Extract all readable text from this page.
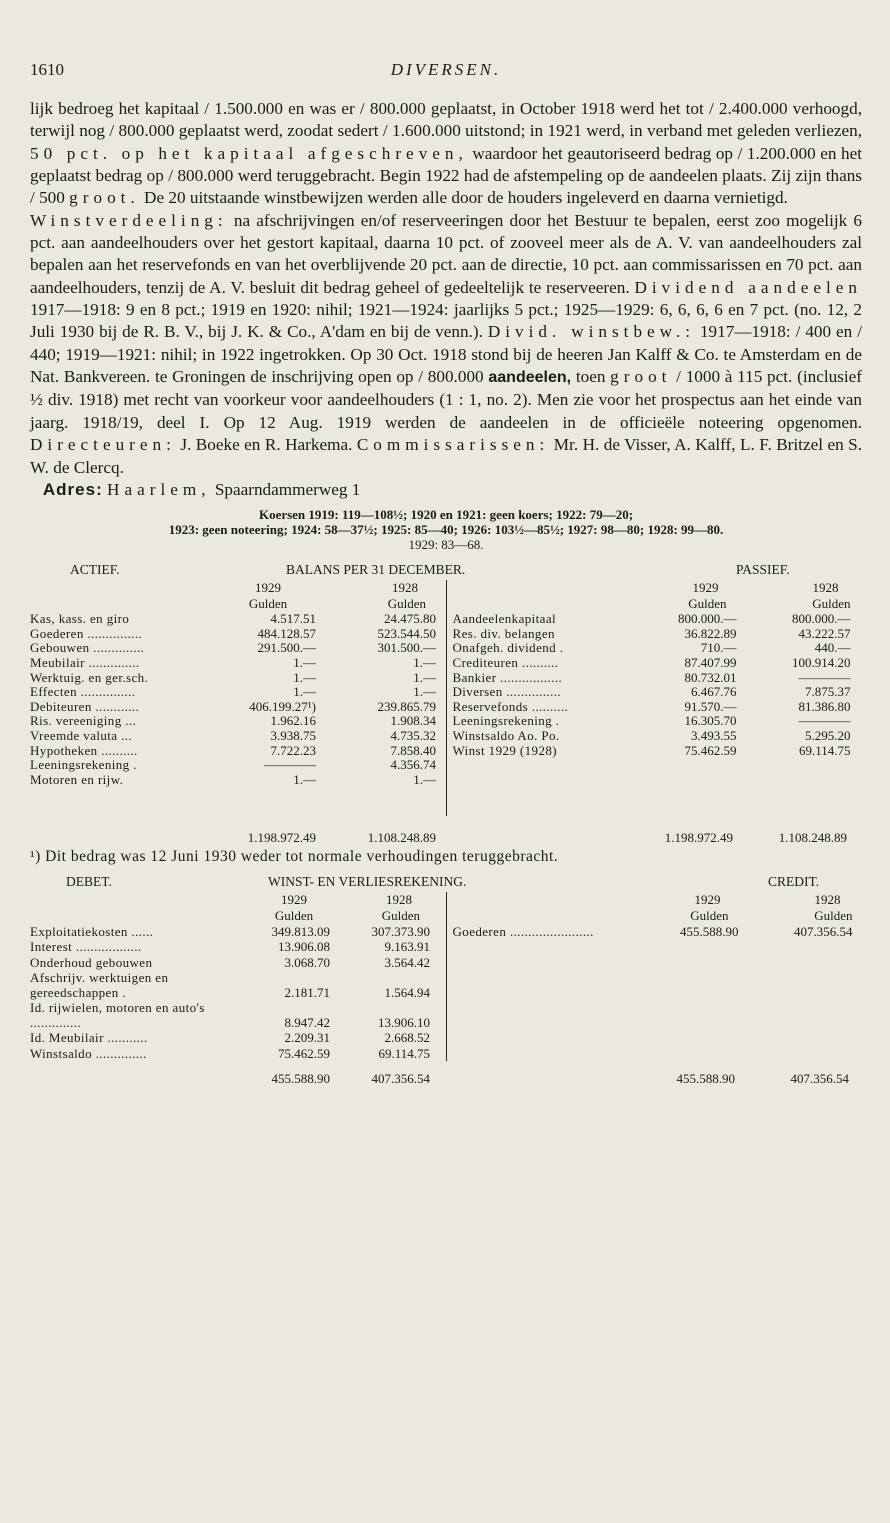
1610	DIVERSEN.

lijk bedroeg het kapitaal / 1.500.000 en was er / 800.000 geplaatst, in October 1918 werd het tot / 2.400.000 verhoogd, terwijl nog / 800.000 geplaatst werd, zoodat sedert / 1.600.000 uitstond; in 1921 werd, in verband met geleden verliezen, 50 pct. op het kapitaal afgeschreven, waardoor het geautoriseerd bedrag op / 1.200.000 en het geplaatst bedrag op / 800.000 werd teruggebracht. Begin 1922 had de afstempeling op de aandeelen plaats. Zij zijn thans / 500 groot. De 20 uitstaande winstbewijzen werden alle door de houders ingeleverd en daarna vernietigd.

Winstverdeeling: na afschrijvingen en/of reserveeringen door het Bestuur te bepalen, eerst zoo mogelijk 6 pct. aan aandeelhouders over het gestort kapitaal, daarna 10 pct. of zooveel meer als de A. V. van aandeelhouders zal bepalen aan het reservefonds en van het overblijvende 20 pct. aan de directie, 10 pct. aan commissarissen en 70 pct. aan aandeelhouders, tenzij de A. V. besluit dit bedrag geheel of gedeeltelijk te reserveeren. Dividend aandeelen 1917—1918: 9 en 8 pct.; 1919 en 1920: nihil; 1921—1924: jaarlijks 5 pct.; 1925—1929: 6, 6, 6, 6 en 7 pct. (no. 12, 2 Juli 1930 bij de R. B. V., bij J. K. & Co., A'dam en bij de venn.). Divid. winstbew.: 1917—1918: / 400 en / 440; 1919—1921: nihil; in 1922 ingetrokken. Op 30 Oct. 1918 stond bij de heeren Jan Kalff & Co. te Amsterdam en de Nat. Bankvereen. te Groningen de inschrijving open op / 800.000 aandeelen, toen groot / 1000 à 115 pct. (inclusief ½ div. 1918) met recht van voorkeur voor aandeelhouders (1 : 1, no. 2). Men zie voor het prospectus aan het einde van jaarg. 1918/19, deel I. Op 12 Aug. 1919 werden de aandeelen in de officieële noteering opgenomen. Directeuren: J. Boeke en R. Harkema. Commissarissen: Mr. H. de Visser, A. Kalff, L. F. Britzel en S. W. de Clercq.

Adres: Haarlem, Spaarndammerweg 1

Koersen 1919: 119—108½; 1920 en 1921: geen koers; 1922: 79—20;
1923: geen noteering; 1924: 58—37½; 1925: 85—40; 1926: 103½—85½; 1927: 98—80; 1928: 99—80.
1929: 83—68.
ACTIEF.	BALANS PER 31 DECEMBER.	PASSIEF.
1929	1928
Gulden	Gulden
Kas, kass. en giro	4.517.51	24.475.80
Goederen ...............	484.128.57	523.544.50
Gebouwen ..............	291.500.—	301.500.—
Meubilair ..............	1.—	1.—
Werktuig. en ger.sch.	1.—	1.—
Effecten ...............	1.—	1.—
Debiteuren ............	406.199.27¹)	239.865.79
Ris. vereeniging ...	1.962.16	1.908.34
Vreemde valuta ...	3.938.75	4.735.32
Hypotheken ..........	7.722.23	7.858.40
Leeningsrekening .	————	4.356.74
Motoren en rijw.	1.—	1.—
1929	1928
Gulden	Gulden
Aandeelenkapitaal	800.000.—	800.000.—
Res. div. belangen	36.822.89	43.222.57
Onafgeh. dividend .	710.—	440.—
Crediteuren ..........	87.407.99	100.914.20
Bankier .................	80.732.01	————
Diversen ...............	6.467.76	7.875.37
Reservefonds ..........	91.570.—	81.386.80
Leeningsrekening .	16.305.70	————
Winstsaldo Ao. Po.	3.493.55	5.295.20
Winst 1929 (1928)	75.462.59	69.114.75
1.198.972.49	1.108.248.89	1.198.972.49	1.108.248.89
¹) Dit bedrag was 12 Juni 1930 weder tot normale verhoudingen teruggebracht.
DEBET.	WINST- EN VERLIESREKENING.	CREDIT.
1929	1928
Gulden	Gulden
Exploitatiekosten ......	349.813.09	307.373.90
Interest ..................	13.906.08	9.163.91
Onderhoud gebouwen	3.068.70	3.564.42
Afschrijv. werktuigen en gereedschappen .	2.181.71	1.564.94
Id. rijwielen, motoren en auto's ..............	8.947.42	13.906.10
Id. Meubilair ...........	2.209.31	2.668.52
Winstsaldo ..............	75.462.59	69.114.75
1929	1928
Gulden	Gulden
Goederen .......................	455.588.90	407.356.54
455.588.90	407.356.54	455.588.90	407.356.54
